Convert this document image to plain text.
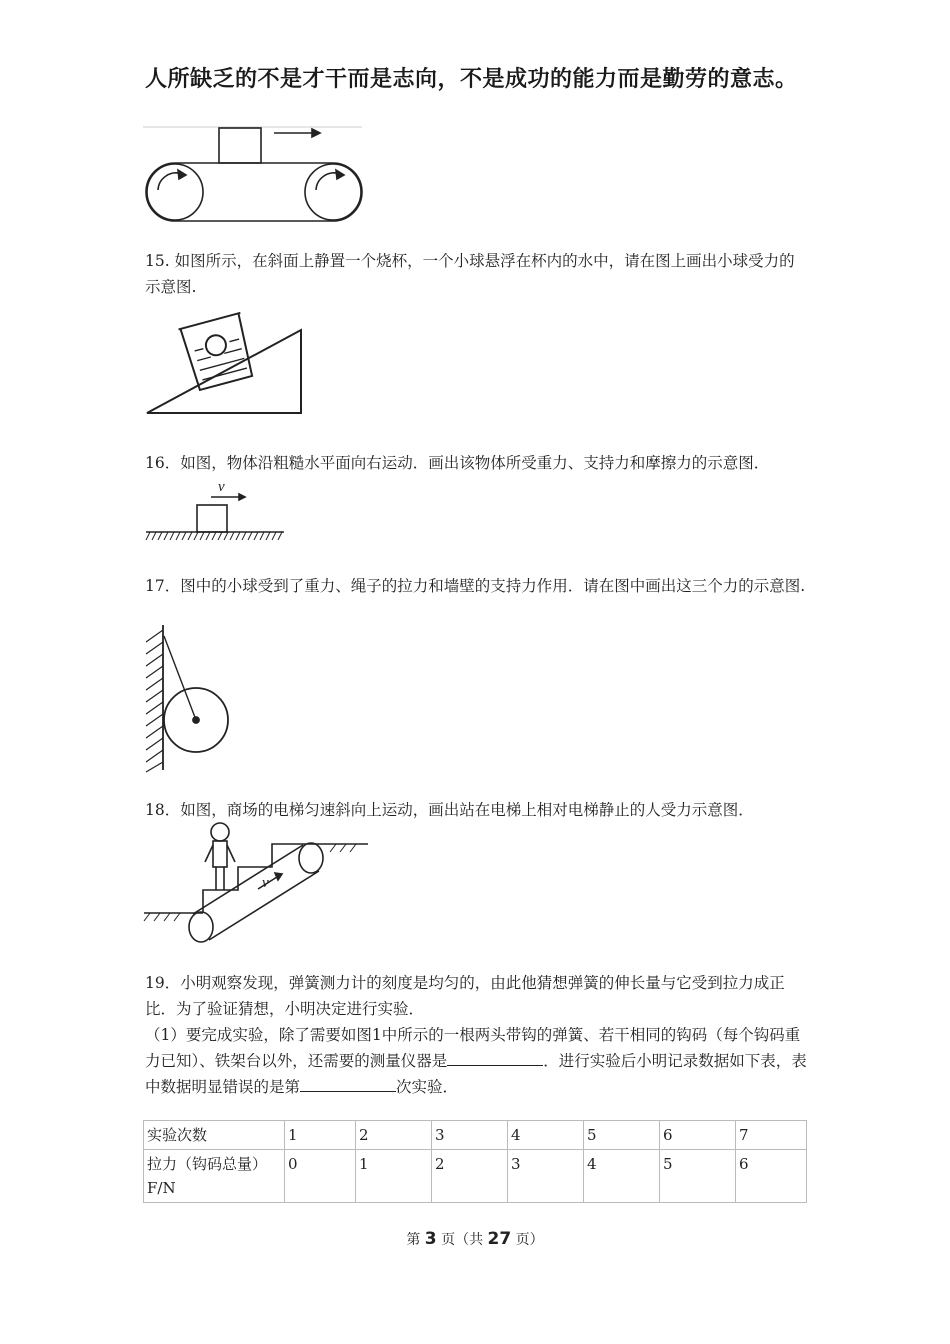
人所缺乏的不是才干而是志向，不是成功的能力而是勤劳的意志。
15. 如图所示，在斜面上静置一个烧杯，一个小球悬浮在杯内的水中，请在图上画出小球受力的示意图.
16．如图，物体沿粗糙水平面向右运动．画出该物体所受重力、支持力和摩擦力的示意图．
v
17．图中的小球受到了重力、绳子的拉力和墙壁的支持力作用．请在图中画出这三个力的示意图.
18．如图，商场的电梯匀速斜向上运动，画出站在电梯上相对电梯静止的人受力示意图．
v
19．小明观察发现，弹簧测力计的刻度是均匀的，由此他猜想弹簧的伸长量与它受到拉力成正比．为了验证猜想，小明决定进行实验．
（1）要完成实验，除了需要如图1中所示的一根两头带钩的弹簧、若干相同的钩码（每个钩码重力已知）、铁架台以外，还需要的测量仪器是	．进行实验后小明记录数据如下表，表中数据明显错误的是第	次实验．
实验次数	1	2	3	4	5	6	7
拉力（钩码总量）F/N	0	1	2	3	4	5	6
第 3 页（共 27 页）
